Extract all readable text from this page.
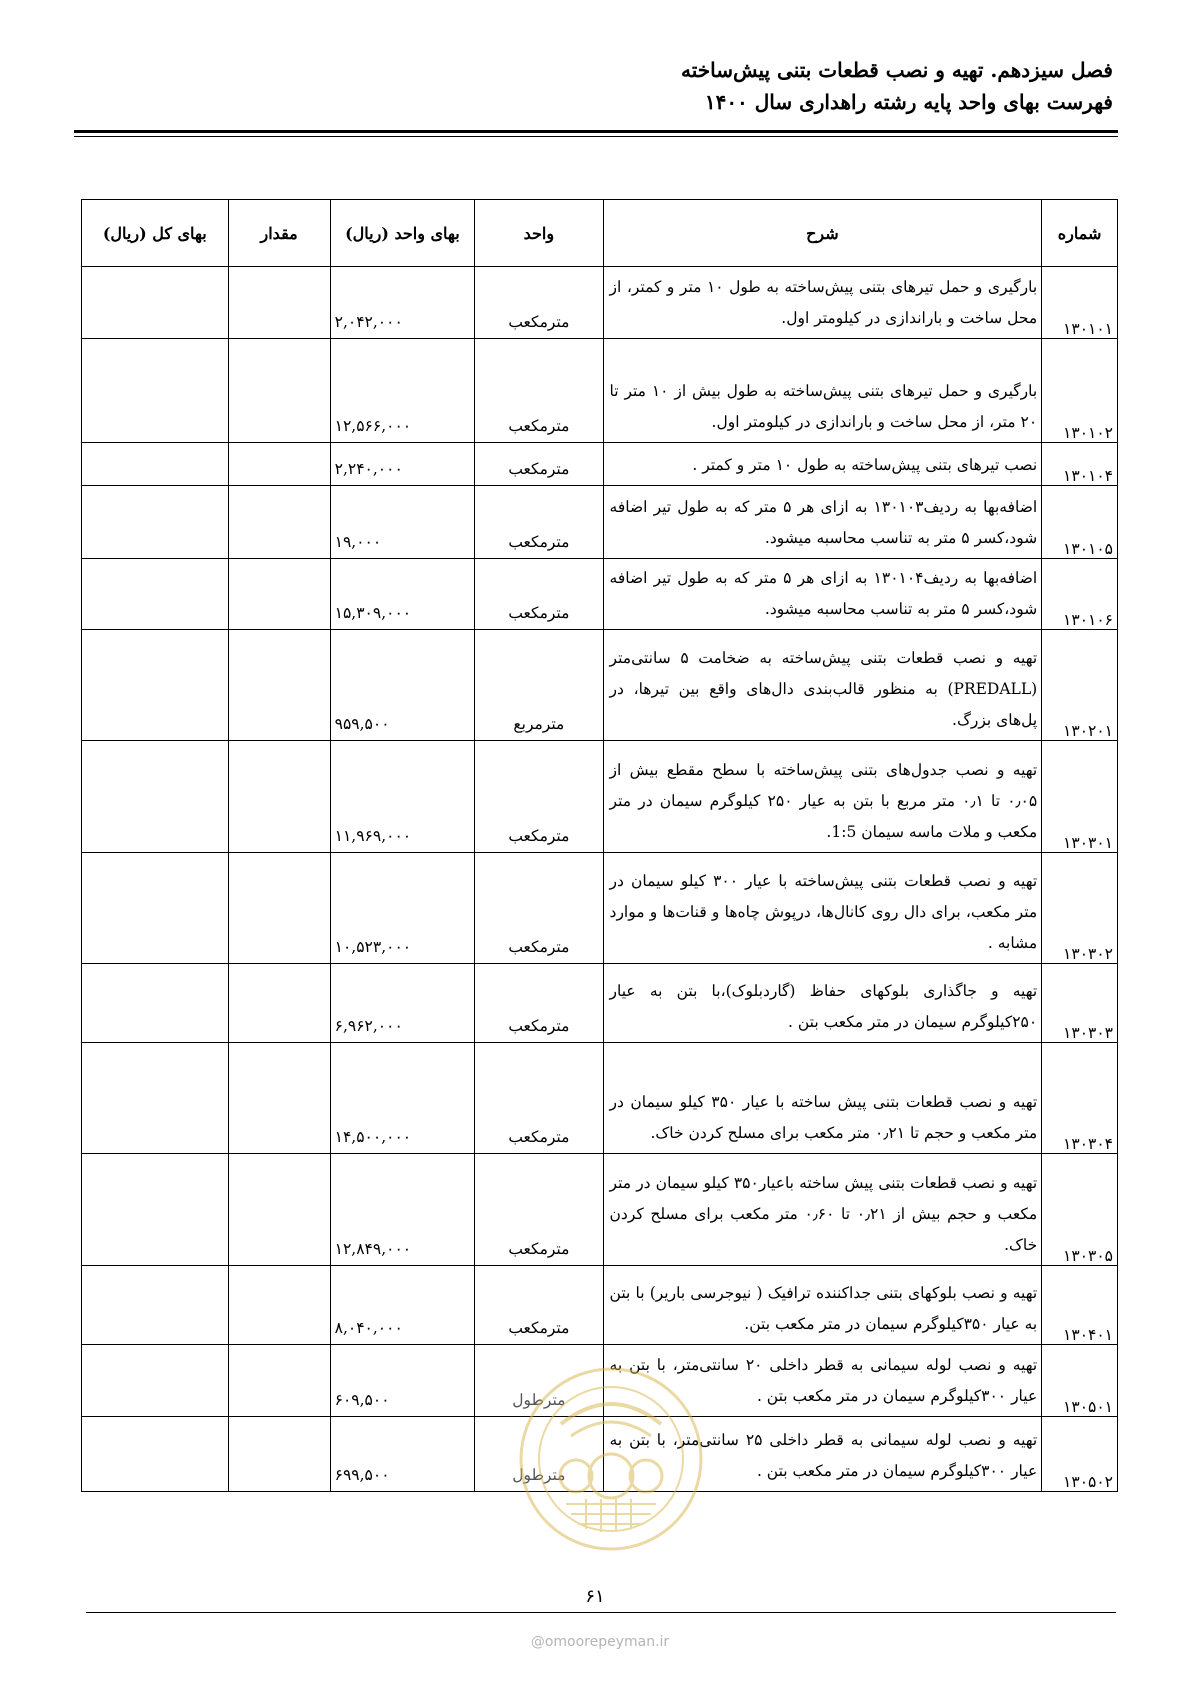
فصل سیزدهم. تهیه و نصب قطعات بتنی پیش‌ساخته
فهرست بهای واحد پایه رشته راهداری سال ۱۴۰۰
شماره	شرح	واحد	بهای واحد (ریال)	مقدار	بهای کل (ریال)
۱۳۰۱۰۱	بارگیری و حمل تیرهای بتنی پیش‌ساخته به طول ۱۰ متر و کمتر، از محل ساخت و باراندازی در کیلومتر اول.	مترمکعب	۲,۰۴۲,۰۰۰		
۱۳۰۱۰۲	بارگیری و حمل تیرهای بتنی پیش‌ساخته به طول بیش از ۱۰ متر تا ۲۰ متر، از محل ساخت و باراندازی در کیلومتر اول.	مترمکعب	۱۲,۵۶۶,۰۰۰		
۱۳۰۱۰۴	نصب تیرهای بتنی پیش‌ساخته به طول ۱۰ متر و کمتر .	مترمکعب	۲,۲۴۰,۰۰۰		
۱۳۰۱۰۵	اضافه‌بها به ردیف۱۳۰۱۰۳ به ازای هر ۵ متر که به طول تیر اضافه شود،کسر ۵ متر به تناسب محاسبه میشود.	مترمکعب	۱۹,۰۰۰		
۱۳۰۱۰۶	اضافه‌بها به ردیف۱۳۰۱۰۴ به ازای هر ۵ متر که به طول تیر اضافه شود،کسر ۵ متر به تناسب محاسبه میشود.	مترمکعب	۱۵,۳۰۹,۰۰۰		
۱۳۰۲۰۱	تهیه و نصب قطعات بتنی پیش‌ساخته به ضخامت ۵ سانتی‌متر (PREDALL) به منظور قالب‌بندی دال‌های واقع بین تیرها، در پل‌های بزرگ.	مترمربع	۹۵۹,۵۰۰		
۱۳۰۳۰۱	تهیه و نصب جدول‌های بتنی پیش‌ساخته با سطح مقطع بیش از ۰٫۰۵ تا ۰٫۱ متر مربع با بتن به عیار ۲۵۰ کیلوگرم سیمان در متر مکعب و ملات ماسه سیمان 1:5.	مترمکعب	۱۱,۹۶۹,۰۰۰		
۱۳۰۳۰۲	تهیه و نصب قطعات بتنی پیش‌ساخته با عیار ۳۰۰ کیلو سیمان در متر مکعب، برای دال روی کانال‌ها، درپوش چاه‌ها و قنات‌ها و موارد مشابه .	مترمکعب	۱۰,۵۲۳,۰۰۰		
۱۳۰۳۰۳	تهیه و جاگذاری بلوکهای حفاظ (گاردبلوک)،با بتن به عیار ۲۵۰کیلوگرم سیمان در متر مکعب بتن .	مترمکعب	۶,۹۶۲,۰۰۰		
۱۳۰۳۰۴	تهیه و نصب قطعات بتنی پیش ساخته با عیار ۳۵۰ کیلو سیمان در متر مکعب و حجم تا ۰٫۲۱ متر مکعب برای مسلح کردن خاک.	مترمکعب	۱۴,۵۰۰,۰۰۰		
۱۳۰۳۰۵	تهیه و نصب قطعات بتنی پیش ساخته باعیار۳۵۰ کیلو سیمان در متر مکعب و حجم بیش از ۰٫۲۱ تا ۰٫۶۰ متر مکعب برای مسلح کردن خاک.	مترمکعب	۱۲,۸۴۹,۰۰۰		
۱۳۰۴۰۱	تهیه و نصب بلوکهای بتنی جداکننده ترافیک ( نیوجرسی باریر) با بتن به عیار ۳۵۰کیلوگرم سیمان در متر مکعب بتن.	مترمکعب	۸,۰۴۰,۰۰۰		
۱۳۰۵۰۱	تهیه و نصب لوله سیمانی به قطر داخلی ۲۰ سانتی‌متر، با بتن به عیار ۳۰۰کیلوگرم سیمان در متر مکعب بتن .	مترطول	۶۰۹,۵۰۰		
۱۳۰۵۰۲	تهیه و نصب لوله سیمانی به قطر داخلی ۲۵ سانتی‌متر، با بتن به عیار ۳۰۰کیلوگرم سیمان در متر مکعب بتن .	مترطول	۶۹۹,۵۰۰		
۶۱
@omoorepeyman.ir
